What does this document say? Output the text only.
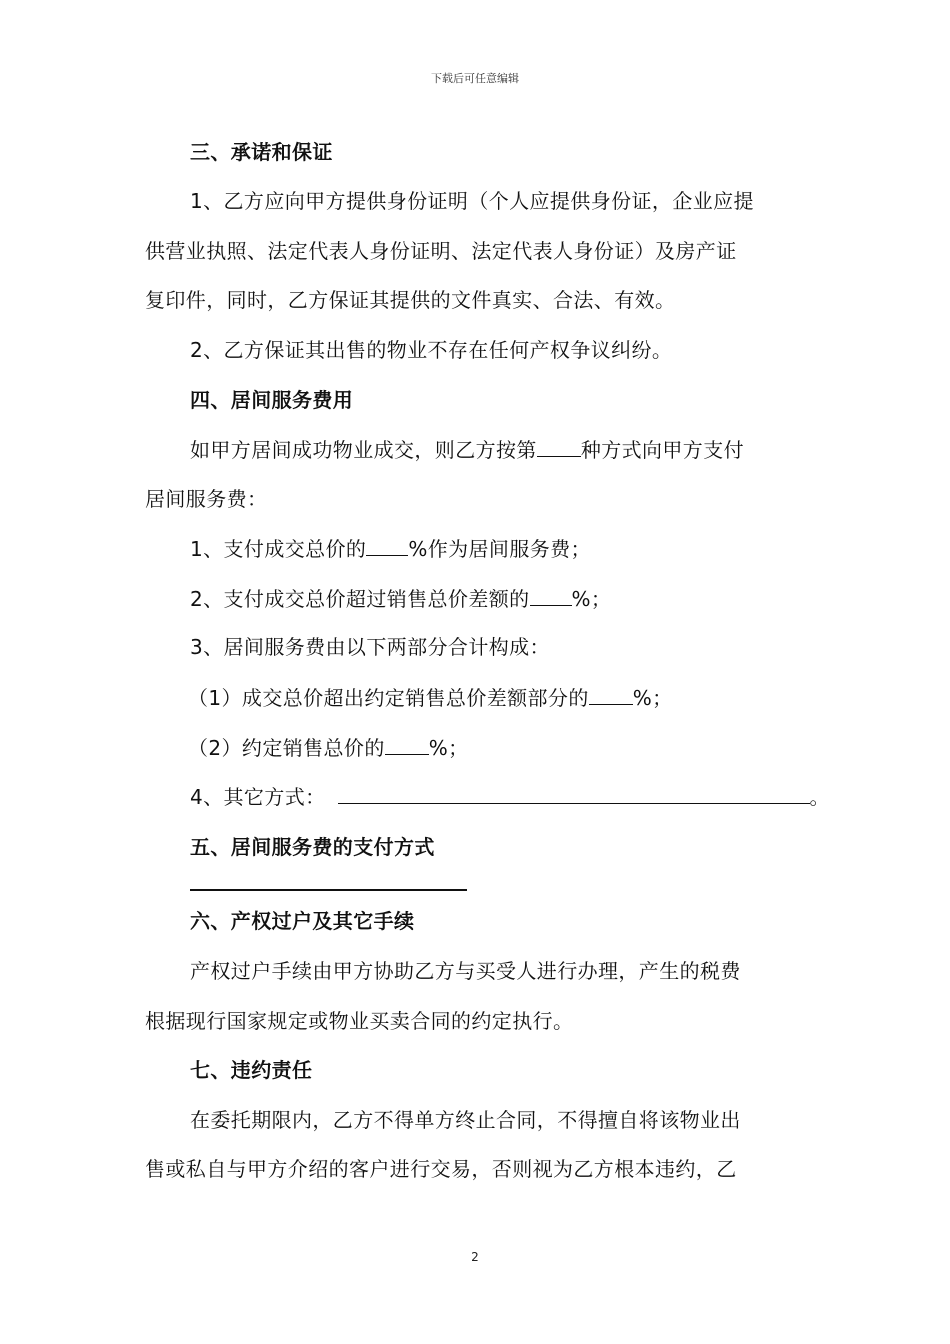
下载后可任意编辑
三、承诺和保证
1、乙方应向甲方提供身份证明（个人应提供身份证，企业应提
供营业执照、法定代表人身份证明、法定代表人身份证）及房产证
复印件，同时，乙方保证其提供的文件真实、合法、有效。
2、乙方保证其出售的物业不存在任何产权争议纠纷。
四、居间服务费用
如甲方居间成功物业成交，则乙方按第 种方式向甲方支付
居间服务费：
1、支付成交总价的 %作为居间服务费；
2、支付成交总价超过销售总价差额的 %；
3、居间服务费由以下两部分合计构成：
（1）成交总价超出约定销售总价差额部分的 %；
（2）约定销售总价的 %；
4、其它方式：	。
五、居间服务费的支付方式
六、产权过户及其它手续
产权过户手续由甲方协助乙方与买受人进行办理，产生的税费
根据现行国家规定或物业买卖合同的约定执行。
七、违约责任
在委托期限内，乙方不得单方终止合同，不得擅自将该物业出
售或私自与甲方介绍的客户进行交易，否则视为乙方根本违约，乙
2
